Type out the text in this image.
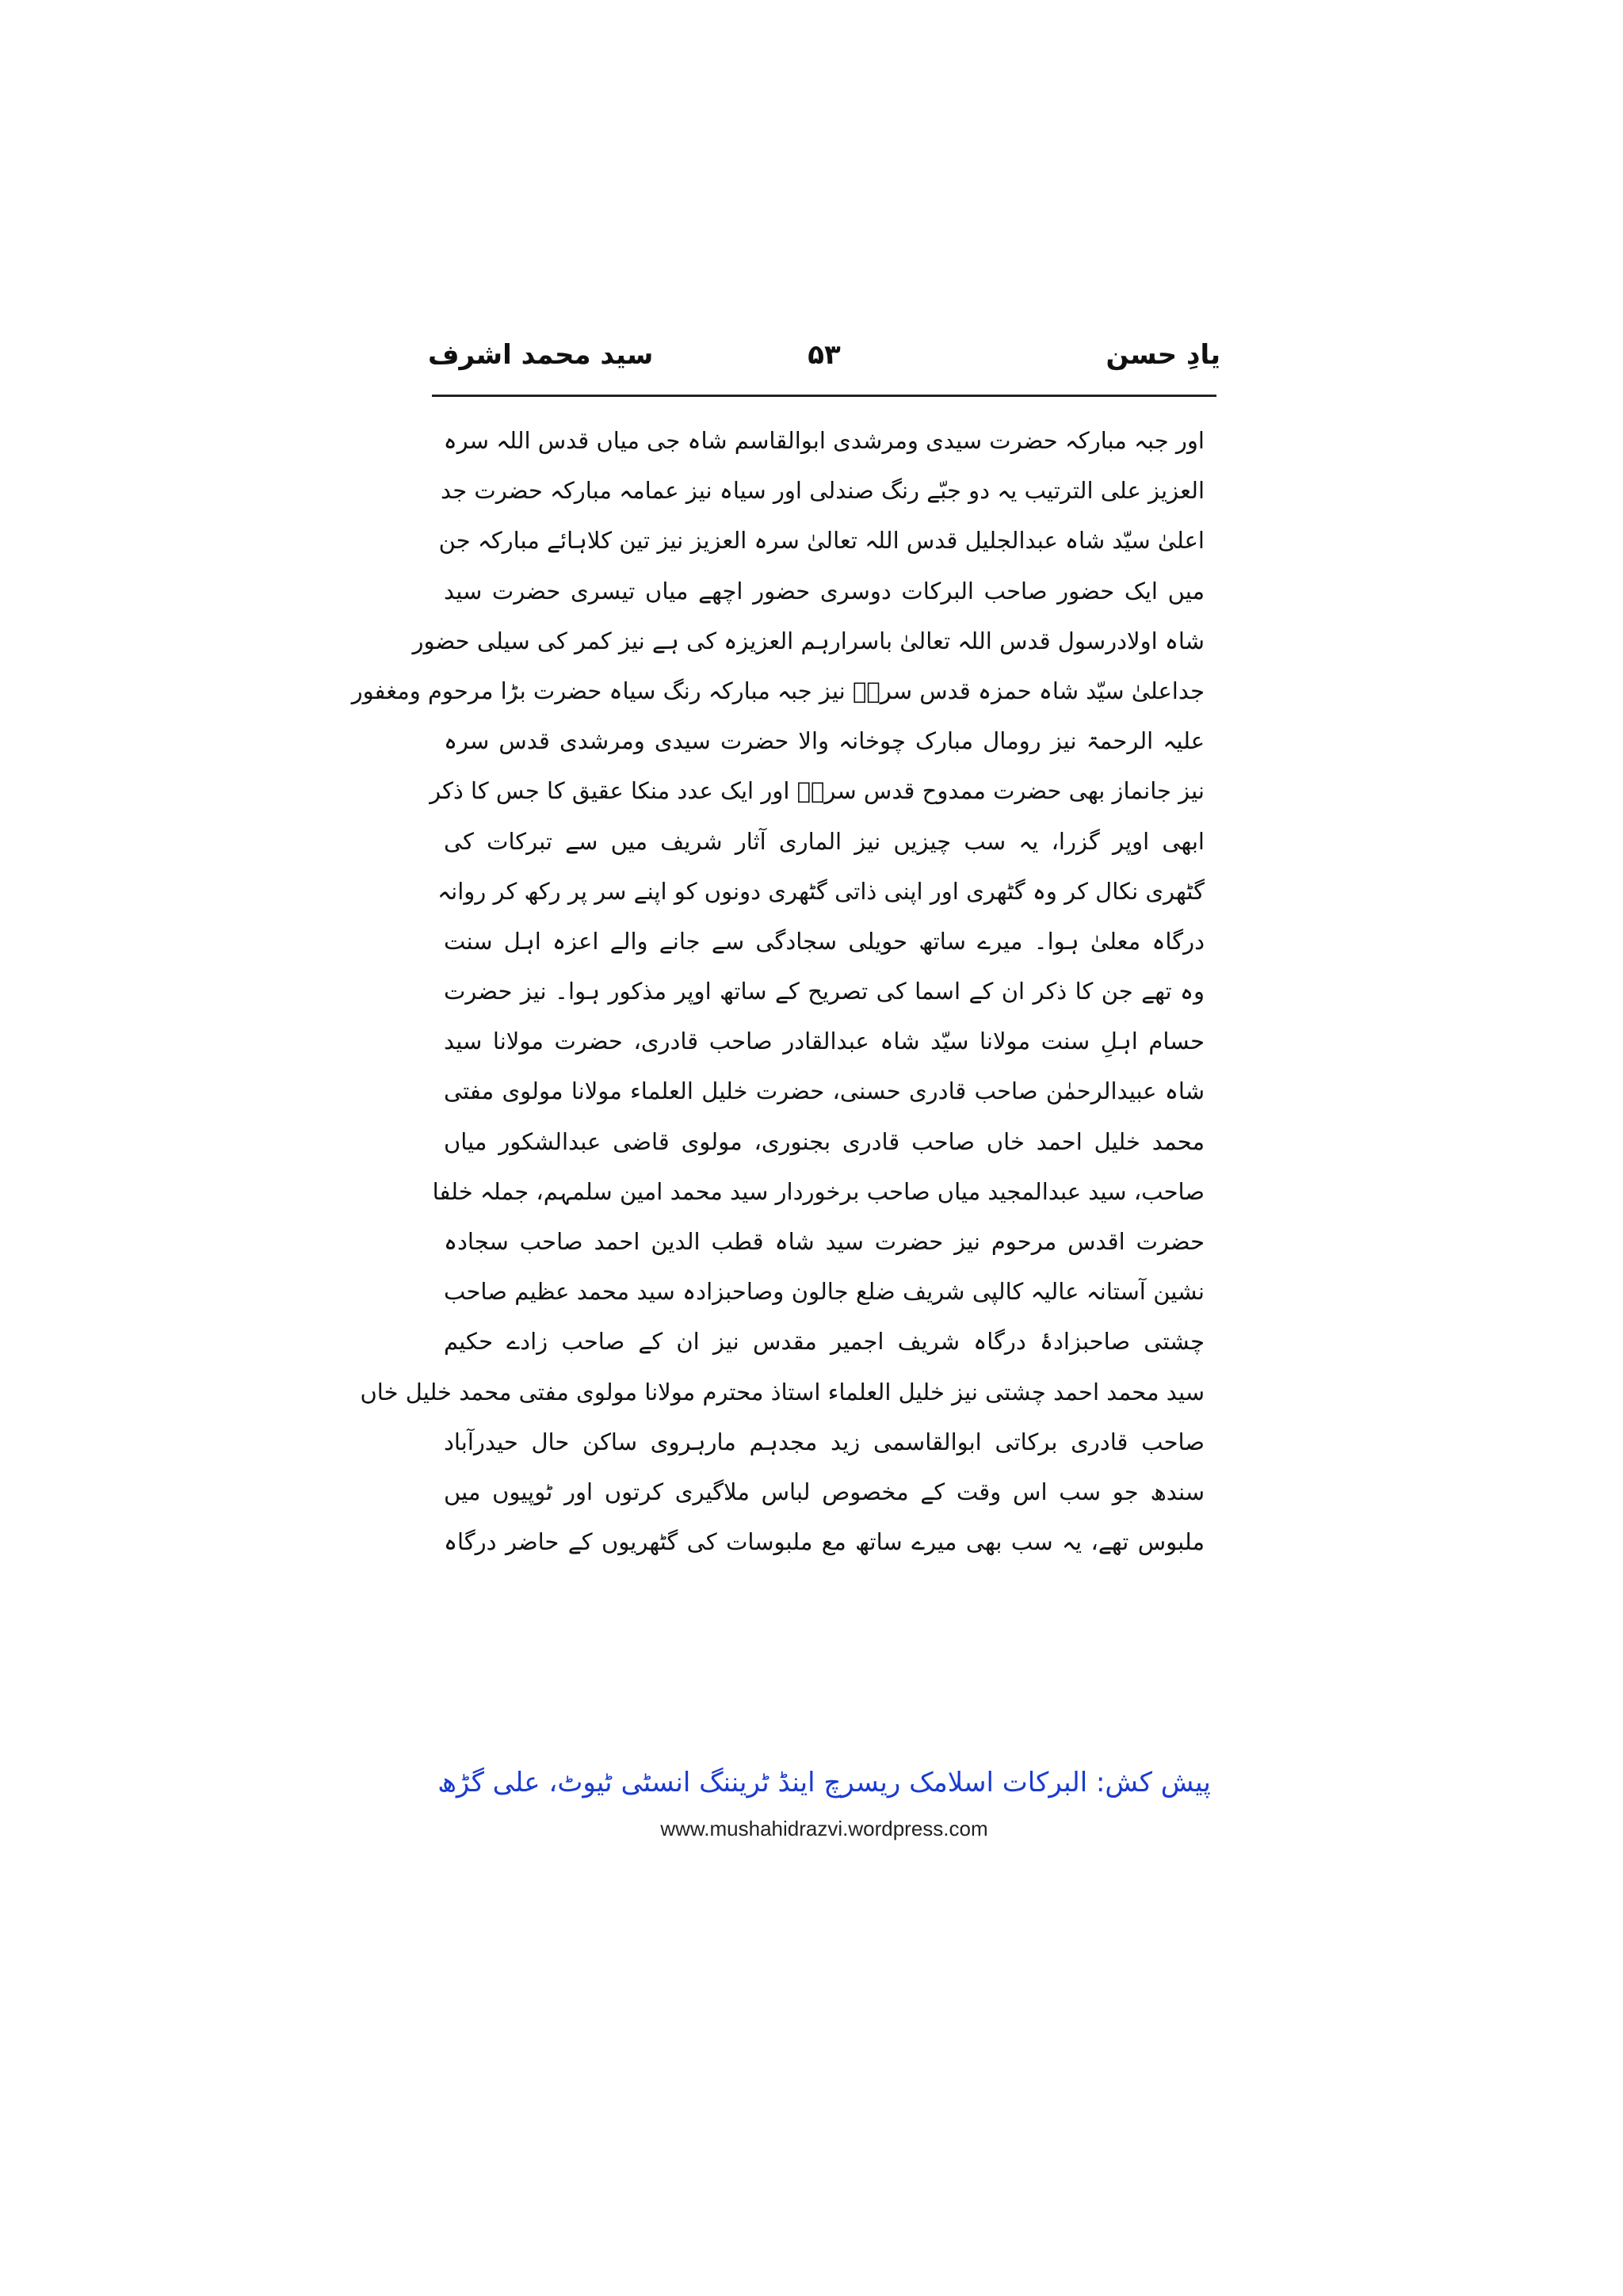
یادِ حسن
۵۳
سید محمد اشرف
اور جبہ مبارکہ حضرت سیدی ومرشدی ابوالقاسم شاہ جی میاں قدس اللہ سرہ
العزیز علی الترتیب یہ دو جبّے رنگ صندلی اور سیاہ نیز عمامہ مبارکہ حضرت جد
اعلیٰ سیّد شاہ عبدالجلیل قدس اللہ تعالیٰ سرہ العزیز نیز تین کلاہائے مبارکہ جن
میں ایک حضور صاحب البرکات دوسری حضور اچھے میاں تیسری حضرت سید
شاہ اولادرسول قدس اللہ تعالیٰ باسرارہم العزیزہ کی ہے نیز کمر کی سیلی حضور
جداعلیٰ سیّد شاہ حمزہ قدس سرہٗ نیز جبہ مبارکہ رنگ سیاہ حضرت بڑا مرحوم ومغفور
علیہ الرحمۃ نیز رومال مبارک چوخانہ والا حضرت سیدی ومرشدی قدس سرہ
نیز جانماز بھی حضرت ممدوح قدس سرہٗ اور ایک عدد منکا عقیق کا جس کا ذکر
ابھی اوپر گزرا، یہ سب چیزیں نیز الماری آثار شریف میں سے تبرکات کی
گٹھری نکال کر وہ گٹھری اور اپنی ذاتی گٹھری دونوں کو اپنے سر پر رکھ کر روانہ
درگاہ معلیٰ ہوا۔ میرے ساتھ حویلی سجادگی سے جانے والے اعزہ اہل سنت
وہ تھے جن کا ذکر ان کے اسما کی تصریح کے ساتھ اوپر مذکور ہوا۔ نیز حضرت
حسام اہلِ سنت مولانا سیّد شاہ عبدالقادر صاحب قادری، حضرت مولانا سید
شاہ عبیدالرحمٰن صاحب قادری حسنی، حضرت خلیل العلماء مولانا مولوی مفتی
محمد خلیل احمد خاں صاحب قادری بجنوری، مولوی قاضی عبدالشکور میاں
صاحب، سید عبدالمجید میاں صاحب برخوردار سید محمد امین سلمہم، جملہ خلفا
حضرت اقدس مرحوم نیز حضرت سید شاہ قطب الدین احمد صاحب سجادہ
نشین آستانہ عالیہ کالپی شریف ضلع جالون وصاحبزادہ سید محمد عظیم صاحب
چشتی صاحبزادۂ درگاہ شریف اجمیر مقدس نیز ان کے صاحب زادے حکیم
سید محمد احمد چشتی نیز خلیل العلماء استاذ محترم مولانا مولوی مفتی محمد خلیل خاں
صاحب قادری برکاتی ابوالقاسمی زید مجدہم مارہروی ساکن حال حیدرآباد
سندھ جو سب اس وقت کے مخصوص لباس ملاگیری کرتوں اور ٹوپیوں میں
ملبوس تھے، یہ سب بھی میرے ساتھ مع ملبوسات کی گٹھریوں کے حاضر درگاہ
پیش کش: البرکات اسلامک ریسرچ اینڈ ٹریننگ انسٹی ٹیوٹ، علی گڑھ
www.mushahidrazvi.wordpress.com
